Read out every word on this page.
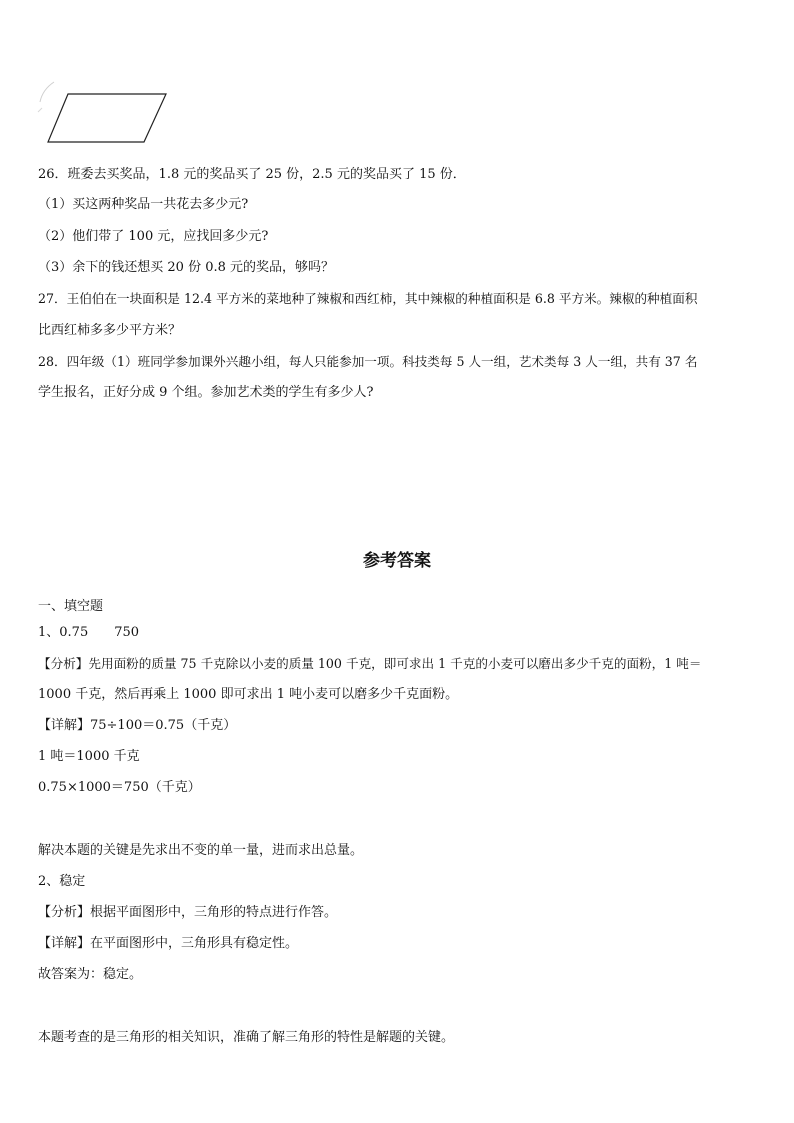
26．班委去买奖品，1.8 元的奖品买了 25 份，2.5 元的奖品买了 15 份．
（1）买这两种奖品一共花去多少元?
（2）他们带了 100 元，应找回多少元?
（3）余下的钱还想买 20 份 0.8 元的奖品，够吗？
27．王伯伯在一块面积是 12.4 平方米的菜地种了辣椒和西红柿，其中辣椒的种植面积是 6.8 平方米。辣椒的种植面积
比西红柿多多少平方米？
28．四年级（1）班同学参加课外兴趣小组，每人只能参加一项。科技类每 5 人一组，艺术类每 3 人一组，共有 37 名
学生报名，正好分成 9 个组。参加艺术类的学生有多少人?
参考答案
一、填空题
1、0.75　　750
【分析】先用面粉的质量 75 千克除以小麦的质量 100 千克，即可求出 1 千克的小麦可以磨出多少千克的面粉，1 吨＝
1000 千克，然后再乘上 1000 即可求出 1 吨小麦可以磨多少千克面粉。
【详解】75÷100＝0.75（千克）
1 吨＝1000 千克
0.75×1000＝750（千克）
解决本题的关键是先求出不变的单一量，进而求出总量。
2、稳定
【分析】根据平面图形中，三角形的特点进行作答。
【详解】在平面图形中，三角形具有稳定性。
故答案为：稳定。
本题考查的是三角形的相关知识，准确了解三角形的特性是解题的关键。
